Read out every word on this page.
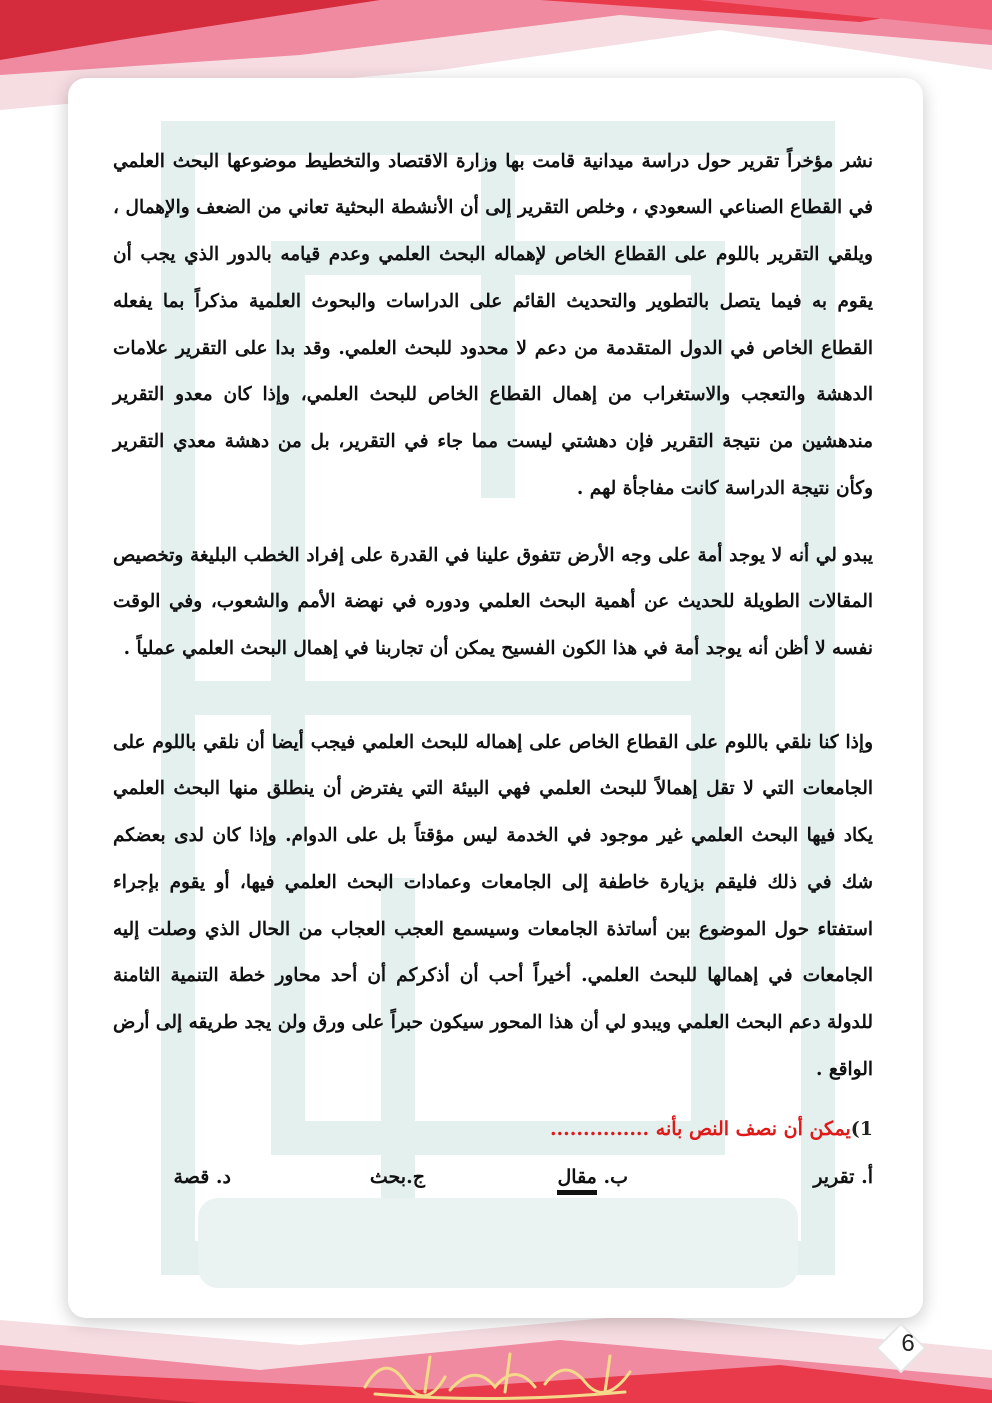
نشر مؤخراً تقرير حول دراسة ميدانية قامت بها وزارة الاقتصاد والتخطيط موضوعها البحث العلمي في القطاع الصناعي السعودي ، وخلص التقرير إلى أن الأنشطة البحثية تعاني من الضعف والإهمال ، ويلقي التقرير باللوم على القطاع الخاص لإهماله البحث العلمي وعدم قيامه بالدور الذي يجب أن يقوم به فيما يتصل بالتطوير والتحديث القائم على الدراسات والبحوث العلمية مذكراً بما يفعله القطاع الخاص في الدول المتقدمة من دعم لا محدود للبحث العلمي. وقد بدا على التقرير علامات الدهشة والتعجب والاستغراب من إهمال القطاع الخاص للبحث العلمي، وإذا كان معدو التقرير مندهشين من نتيجة التقرير فإن دهشتي ليست مما جاء في التقرير، بل من دهشة معدي التقرير وكأن نتيجة الدراسة كانت مفاجأة لهم .

يبدو لي أنه لا يوجد أمة على وجه الأرض تتفوق علينا في القدرة على إفراد الخطب البليغة وتخصيص المقالات الطويلة للحديث عن أهمية البحث العلمي ودوره في نهضة الأمم والشعوب، وفي الوقت نفسه لا أظن أنه يوجد أمة في هذا الكون الفسيح يمكن أن تجاربنا في إهمال البحث العلمي عملياً .

وإذا كنا نلقي باللوم على القطاع الخاص على إهماله للبحث العلمي فيجب أيضا أن نلقي باللوم على الجامعات التي لا تقل إهمالاً للبحث العلمي فهي البيئة التي يفترض أن ينطلق منها البحث العلمي يكاد فيها البحث العلمي غير موجود في الخدمة ليس مؤقتاً بل على الدوام. وإذا كان لدى بعضكم شك في ذلك فليقم بزيارة خاطفة إلى الجامعات وعمادات البحث العلمي فيها، أو يقوم بإجراء استفتاء حول الموضوع بين أساتذة الجامعات وسيسمع العجب العجاب من الحال الذي وصلت إليه الجامعات في إهمالها للبحث العلمي. أخيراً أحب أن أذكركم أن أحد محاور خطة التنمية الثامنة للدولة دعم البحث العلمي ويبدو لي أن هذا المحور سيكون حبراً على ورق ولن يجد طريقه إلى أرض الواقع .

1)يمكن أن نصف النص بأنه ...............
أ. تقرير
ب. مقال
ج.بحث
د. قصة
6
